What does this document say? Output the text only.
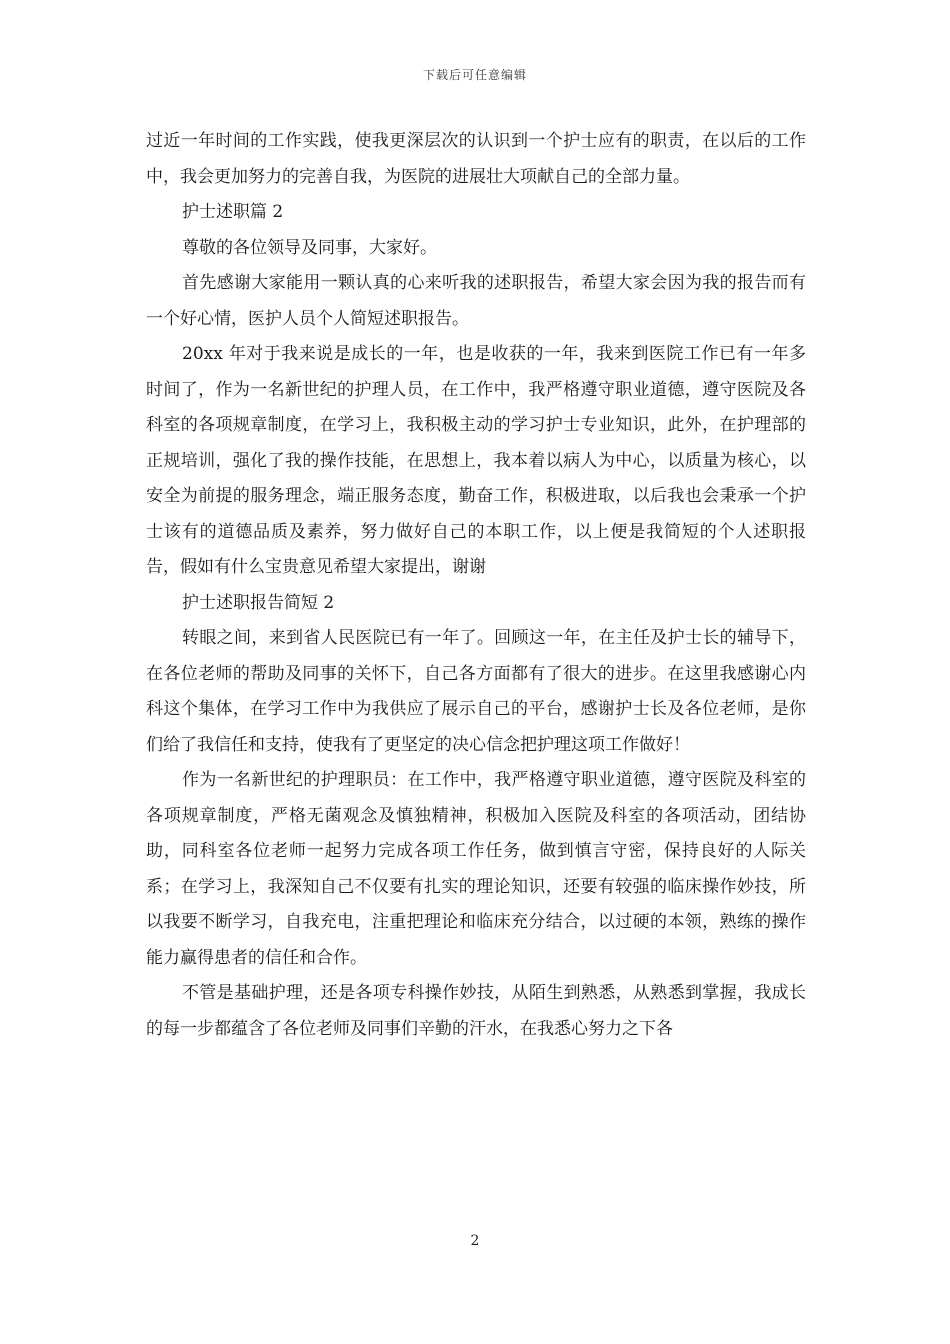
下载后可任意编辑

过近一年时间的工作实践，使我更深层次的认识到一个护士应有的职责，在以后的工作中，我会更加努力的完善自我，为医院的进展壮大项献自己的全部力量。

护士述职篇 2

尊敬的各位领导及同事，大家好。

首先感谢大家能用一颗认真的心来听我的述职报告，希望大家会因为我的报告而有一个好心情，医护人员个人简短述职报告。

20xx 年对于我来说是成长的一年，也是收获的一年，我来到医院工作已有一年多时间了，作为一名新世纪的护理人员，在工作中，我严格遵守职业道德，遵守医院及各科室的各项规章制度，在学习上，我积极主动的学习护士专业知识，此外，在护理部的正规培训，强化了我的操作技能，在思想上，我本着以病人为中心，以质量为核心，以安全为前提的服务理念，端正服务态度，勤奋工作，积极进取，以后我也会秉承一个护士该有的道德品质及素养，努力做好自己的本职工作，以上便是我简短的个人述职报告，假如有什么宝贵意见希望大家提出，谢谢

护士述职报告简短 2

转眼之间，来到省人民医院已有一年了。回顾这一年，在主任及护士长的辅导下，在各位老师的帮助及同事的关怀下，自己各方面都有了很大的进步。在这里我感谢心内科这个集体，在学习工作中为我供应了展示自己的平台，感谢护士长及各位老师，是你们给了我信任和支持，使我有了更坚定的决心信念把护理这项工作做好！

作为一名新世纪的护理职员：在工作中，我严格遵守职业道德，遵守医院及科室的各项规章制度，严格无菌观念及慎独精神，积极加入医院及科室的各项活动，团结协助，同科室各位老师一起努力完成各项工作任务，做到慎言守密，保持良好的人际关系；在学习上，我深知自己不仅要有扎实的理论知识，还要有较强的临床操作妙技，所以我要不断学习，自我充电，注重把理论和临床充分结合，以过硬的本领，熟练的操作能力赢得患者的信任和合作。

不管是基础护理，还是各项专科操作妙技，从陌生到熟悉，从熟悉到掌握，我成长的每一步都蕴含了各位老师及同事们辛勤的汗水，在我悉心努力之下各

2
